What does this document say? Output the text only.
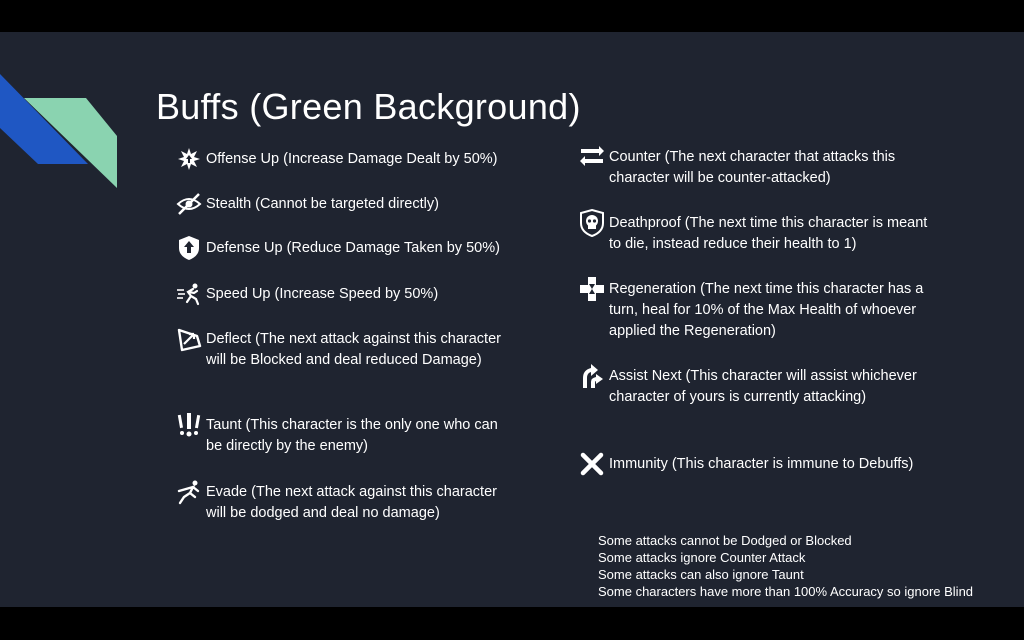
Buffs (Green Background)
Offense Up (Increase Damage Dealt by 50%)
Stealth (Cannot be targeted directly)
Defense Up (Reduce Damage Taken by 50%)
Speed Up (Increase Speed by 50%)
Deflect (The next attack against this character will be Blocked and deal reduced Damage)
Taunt (This character is the only one who can be directly by the enemy)
Evade (The next attack against this character will be dodged and deal no damage)
Counter (The next character that attacks this character will be counter-attacked)
Deathproof (The next time this character is meant to die, instead reduce their health to 1)
Regeneration (The next time this character has a turn, heal for 10% of the Max Health of whoever applied the Regeneration)
Assist Next (This character will assist whichever character of yours is currently attacking)
Immunity (This character is immune to Debuffs)
Some attacks cannot be Dodged or Blocked
Some attacks ignore Counter Attack
Some attacks can also ignore Taunt
Some characters have more than 100% Accuracy so ignore Blind
